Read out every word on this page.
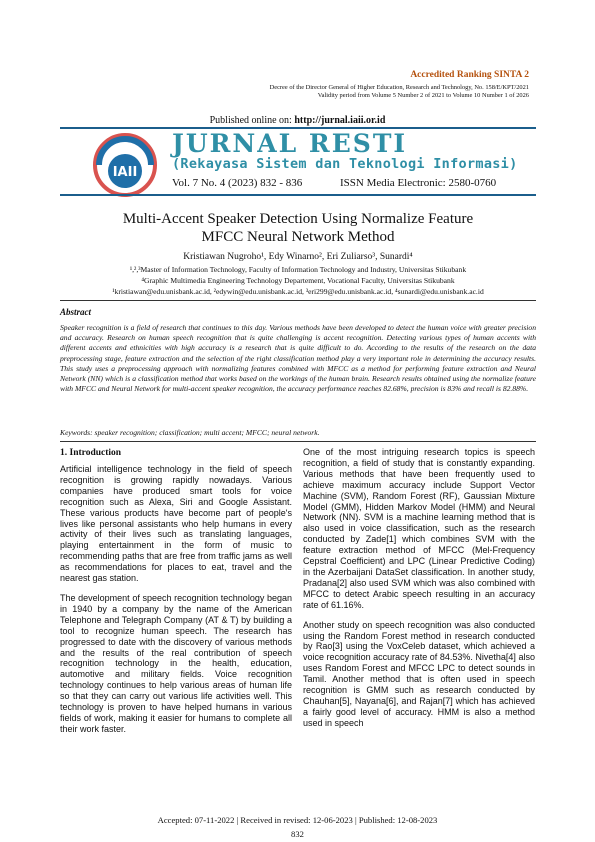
Accredited Ranking SINTA 2
Decree of the Director General of Higher Education, Research and Technology, No. 158/E/KPT/2021
Validity period from Volume 5 Number 2 of 2021 to Volume 10 Number 1 of 2026
Published online on: http://jurnal.iaii.or.id
IAII
JURNAL RESTI
(Rekayasa Sistem dan Teknologi Informasi)
Vol. 7 No. 4 (2023) 832 - 836	ISSN Media Electronic: 2580-0760
Multi-Accent Speaker Detection Using Normalize Feature
MFCC Neural Network Method
Kristiawan Nugroho¹, Edy Winarno², Eri Zuliarso³, Sunardi⁴
¹,²,³Master of Information Technology, Faculty of Information Technology and Industry, Universitas Stikubank
⁴Graphic Multimedia Engineering Technology Departement, Vocational Faculty, Universitas Stikubank
¹kristiawan@edu.unisbank.ac.id, ²edywin@edu.unisbank.ac.id, ³eri299@edu.unisbank.ac.id, ⁴sunardi@edu.unisbank.ac.id
Abstract
Speaker recognition is a field of research that continues to this day. Various methods have been developed to detect the human voice with greater precision and accuracy. Research on human speech recognition that is quite challenging is accent recognition. Detecting various types of human accents with different accents and ethnicities with high accuracy is a research that is quite difficult to do. According to the results of the research on the data preprocessing stage, feature extraction and the selection of the right classification method play a very important role in determining the accuracy results. This study uses a preprocessing approach with normalizing features combined with MFCC as a method for performing feature extraction and Neural Network (NN) which is a classification method that works based on the workings of the human brain. Research results obtained using the normalize feature with MFCC and Neural Network for multi-accent speaker recognition, the accuracy performance reaches 82.68%, precision is 83% and recall is 82.88%.
Keywords: speaker recognition; classification; multi accent; MFCC; neural network.
1. Introduction

Artificial intelligence technology in the field of speech recognition is growing rapidly nowadays. Various companies have produced smart tools for voice recognition such as Alexa, Siri and Google Assistant. These various products have become part of people's lives like personal assistants who help humans in every activity of their lives such as translating languages, playing entertainment in the form of music to recommending paths that are free from traffic jams as well as recommendations for places to eat, travel and the nearest gas station.

The development of speech recognition technology began in 1940 by a company by the name of the American Telephone and Telegraph Company (AT & T) by building a tool to recognize human speech. The research has progressed to date with the discovery of various methods and the results of the real contribution of speech recognition technology in the health, education, automotive and military fields. Voice recognition technology continues to help various areas of human life so that they can carry out various life activities well. This technology is proven to have helped humans in various fields of work, making it easier for humans to complete all their work faster.

One of the most intriguing research topics is speech recognition, a field of study that is constantly expanding. Various methods that have been frequently used to achieve maximum accuracy include Support Vector Machine (SVM), Random Forest (RF), Gaussian Mixture Model (GMM), Hidden Markov Model (HMM) and Neural Network (NN). SVM is a machine learning method that is also used in voice classification, such as the research conducted by Zade[1] which combines SVM with the feature extraction method of MFCC (Mel-Frequency Cepstral Coefficient) and LPC (Linear Predictive Coding) in the Azerbaijani DataSet classification. In another study, Pradana[2] also used SVM which was also combined with MFCC to detect Arabic speech resulting in an accuracy rate of 61.16%.

Another study on speech recognition was also conducted using the Random Forest method in research conducted by Rao[3] using the VoxCeleb dataset, which achieved a voice recognition accuracy rate of 84.53%. Nivetha[4] also uses Random Forest and MFCC LPC to detect sounds in Tamil. Another method that is often used in speech recognition is GMM such as research conducted by Chauhan[5], Nayana[6], and Rajan[7] which has achieved a fairly good level of accuracy. HMM is also a method used in speech

Accepted: 07-11-2022 | Received in revised: 12-06-2023 | Published: 12-08-2023
832
